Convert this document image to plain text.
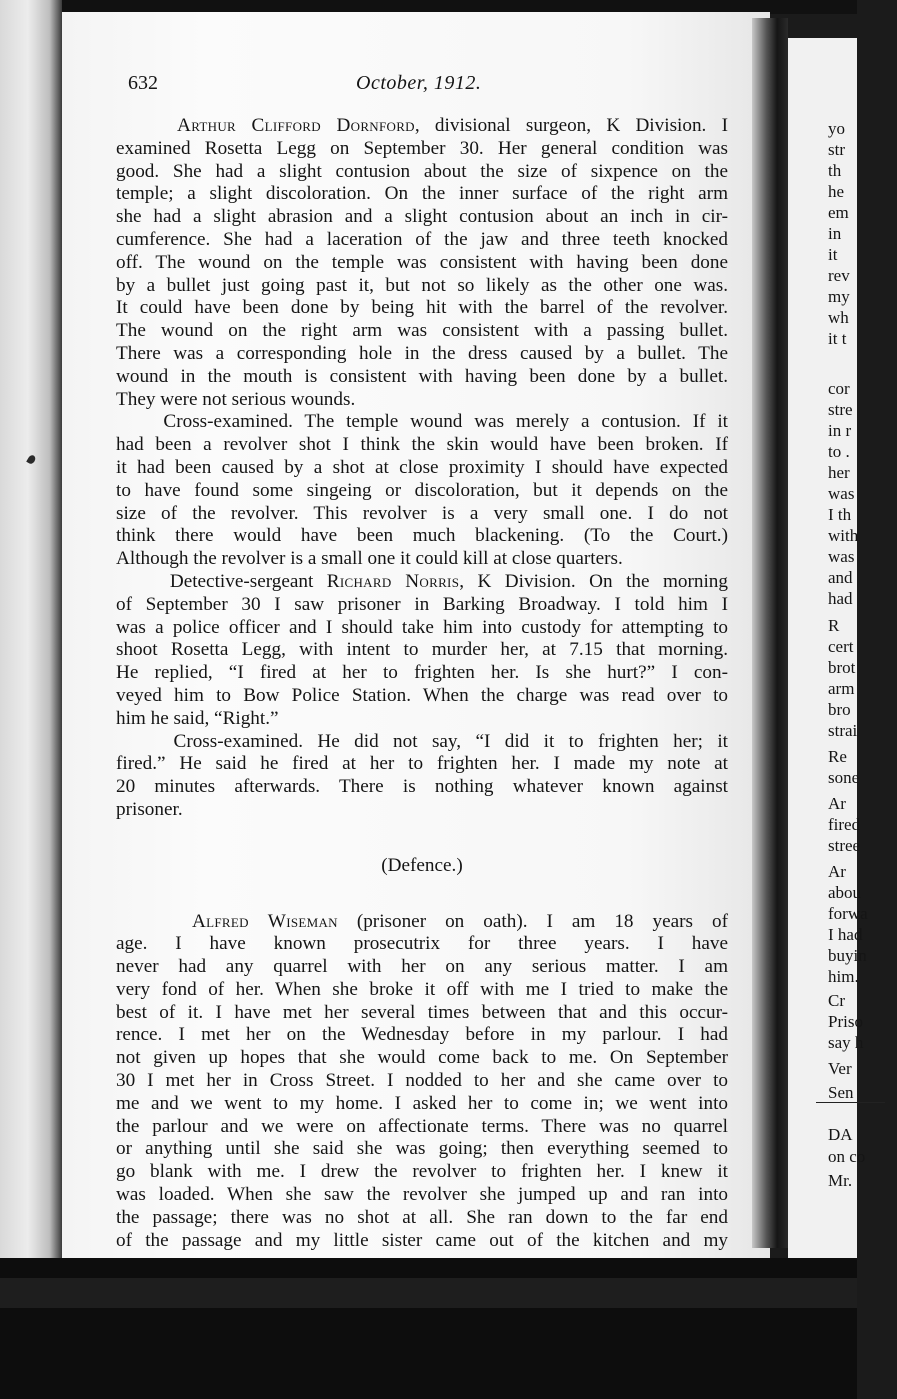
632	October, 1912.
Arthur Clifford Dornford, divisional surgeon, K Division. I
examined Rosetta Legg on September 30. Her general condition was
good. She had a slight contusion about the size of sixpence on the
temple; a slight discoloration. On the inner surface of the right arm
she had a slight abrasion and a slight contusion about an inch in cir-
cumference. She had a laceration of the jaw and three teeth knocked
off. The wound on the temple was consistent with having been done
by a bullet just going past it, but not so likely as the other one was.
It could have been done by being hit with the barrel of the revolver.
The wound on the right arm was consistent with a passing bullet.
There was a corresponding hole in the dress caused by a bullet. The
wound in the mouth is consistent with having been done by a bullet.
They were not serious wounds.
Cross-examined. The temple wound was merely a contusion. If it
had been a revolver shot I think the skin would have been broken. If
it had been caused by a shot at close proximity I should have expected
to have found some singeing or discoloration, but it depends on the
size of the revolver. This revolver is a very small one. I do not
think there would have been much blackening. (To the Court.)
Although the revolver is a small one it could kill at close quarters.
Detective-sergeant Richard Norris, K Division. On the morning
of September 30 I saw prisoner in Barking Broadway. I told him I
was a police officer and I should take him into custody for attempting to
shoot Rosetta Legg, with intent to murder her, at 7.15 that morning.
He replied, “I fired at her to frighten her. Is she hurt?” I con-
veyed him to Bow Police Station. When the charge was read over to
him he said, “Right.”
Cross-examined. He did not say, “I did it to frighten her; it
fired.” He said he fired at her to frighten her. I made my note at
20 minutes afterwards. There is nothing whatever known against
prisoner.
(Defence.)
Alfred Wiseman (prisoner on oath). I am 18 years of
age. I have known prosecutrix for three years. I have
never had any quarrel with her on any serious matter. I am
very fond of her. When she broke it off with me I tried to make the
best of it. I have met her several times between that and this occur-
rence. I met her on the Wednesday before in my parlour. I had
not given up hopes that she would come back to me. On September
30 I met her in Cross Street. I nodded to her and she came over to
me and we went to my home. I asked her to come in; we went into
the parlour and we were on affectionate terms. There was no quarrel
or anything until she said she was going; then everything seemed to
go blank with me. I drew the revolver to frighten her. I knew it
was loaded. When she saw the revolver she jumped up and ran into
the passage; there was no shot at all. She ran down to the far end
of the passage and my little sister came out of the kitchen and my
yo
str
th
he
em
in
it
rev
my
wh
it t
cor
stre
in r
to .
her
was
I th
with
was
and
had
R
cert
brot
arm
bro
strai
Re
sone
Ar
fired
stree
Ar
abou
forwa
I had
buyin
him.
Cr
Priso
say h
Ver
Sen
DA
on co
Mr.
